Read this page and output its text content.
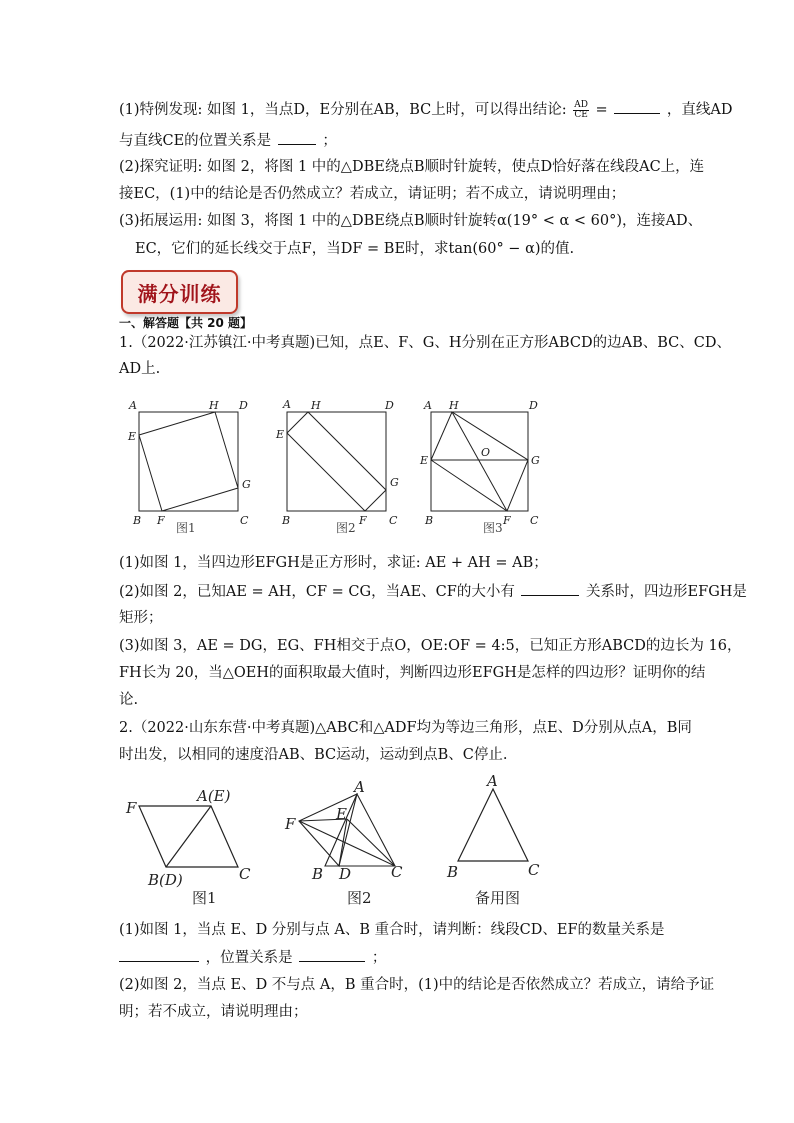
(1)特例发现: 如图 1，当点D，E分别在AB，BC上时，可以得出结论: $\frac{AD}{CE}$ =	，直线AD
与直线CE的位置关系是	；
(2)探究证明: 如图 2，将图 1 中的△DBE绕点B顺时针旋转，使点D恰好落在线段AC上，连
接EC，(1)中的结论是否仍然成立？若成立，请证明；若不成立，请说明理由；
(3)拓展运用: 如图 3，将图 1 中的△DBE绕点B顺时针旋转α(19° < α < 60°)，连接AD、
EC，它们的延长线交于点F，当DF = BE时，求tan(60° − α)的值.
满分训练
一、解答题【共 20 题】
1.（2022·江苏镇江·中考真题)已知，点E、F、G、H分别在正方形ABCD的边AB、BC、CD、
AD上.
A	H D
E
G
B F	C
图1
A H	D
E
G
B	F C
图2
A H	D
E
O
G
B	F C
图3
(1)如图 1，当四边形EFGH是正方形时，求证: AE + AH = AB；
(2)如图 2，已知AE = AH，CF = CG，当AE、CF的大小有	关系时，四边形EFGH是
矩形；
(3)如图 3，AE = DG，EG、FH相交于点O，OE:OF = 4:5，已知正方形ABCD的边长为 16，
FH长为 20，当△OEH的面积取最大值时，判断四边形EFGH是怎样的四边形？证明你的结
论.
2.（2022·山东东营·中考真题)△ABC和△ADF均为等边三角形，点E、D分别从点A，B同
时出发，以相同的速度沿AB、BC运动，运动到点B、C停止.
F
A(E)
C
B(D)
图1
A
E
F
B D	C
图2
A
B	C
备用图
(1)如图 1，当点 E、D 分别与点 A、B 重合时，请判断：线段CD、EF的数量关系是
，位置关系是	；
(2)如图 2，当点 E、D 不与点 A，B 重合时，(1)中的结论是否依然成立？若成立，请给予证
明；若不成立，请说明理由；
